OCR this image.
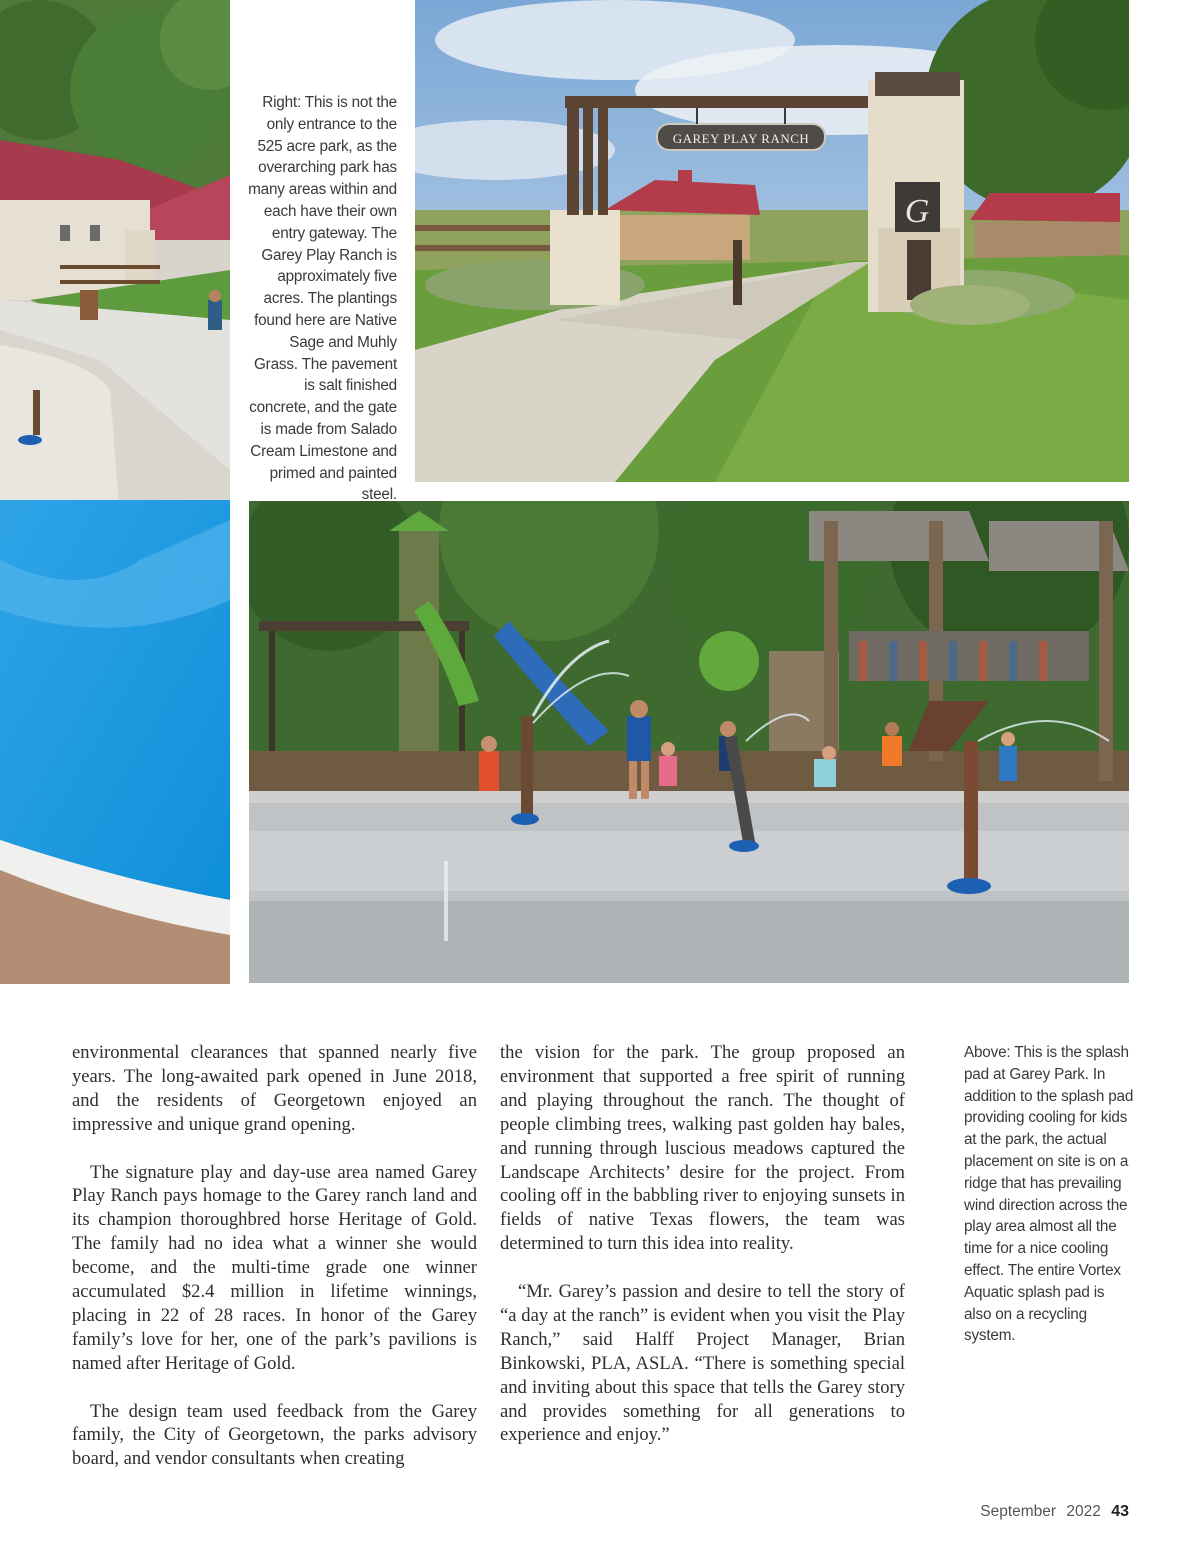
GAREY PLAY RANCH
G

Right: This is not the only entrance to the 525 acre park, as the overarching park has many areas within and each have their own entry gateway. The Garey Play Ranch is approximately five acres. The plantings found here are Native Sage and Muhly Grass. The pavement is salt finished concrete, and the gate is made from Salado Cream Limestone and primed and painted steel.

environmental clearances that spanned nearly five years. The long-awaited park opened in June 2018, and the residents of Georgetown enjoyed an impressive and unique grand opening.

The signature play and day-use area named Garey Play Ranch pays homage to the Garey ranch land and its champion thoroughbred horse Heritage of Gold. The family had no idea what a winner she would become, and the multi-time grade one winner accumulated $2.4 million in lifetime winnings, placing in 22 of 28 races. In honor of the Garey family’s love for her, one of the park’s pavilions is named after Heritage of Gold.

The design team used feedback from the Garey family, the City of Georgetown, the parks advisory board, and vendor consultants when creating

the vision for the park. The group proposed an environment that supported a free spirit of running and playing throughout the ranch. The thought of people climbing trees, walking past golden hay bales, and running through luscious meadows captured the Landscape Architects’ desire for the project. From cooling off in the babbling river to enjoying sunsets in fields of native Texas flowers, the team was determined to turn this idea into reality.

“Mr. Garey’s passion and desire to tell the story of “a day at the ranch” is evident when you visit the Play Ranch,” said Halff Project Manager, Brian Binkowski, PLA, ASLA. “There is something special and inviting about this space that tells the Garey story and provides something for all generations to experience and enjoy.”

Above: This is the splash pad at Garey Park. In addition to the splash pad providing cooling for kids at the park, the actual placement on site is on a ridge that has prevailing wind direction across the play area almost all the time for a nice cooling effect. The entire Vortex Aquatic splash pad is also on a recycling system.

September 2022 43
